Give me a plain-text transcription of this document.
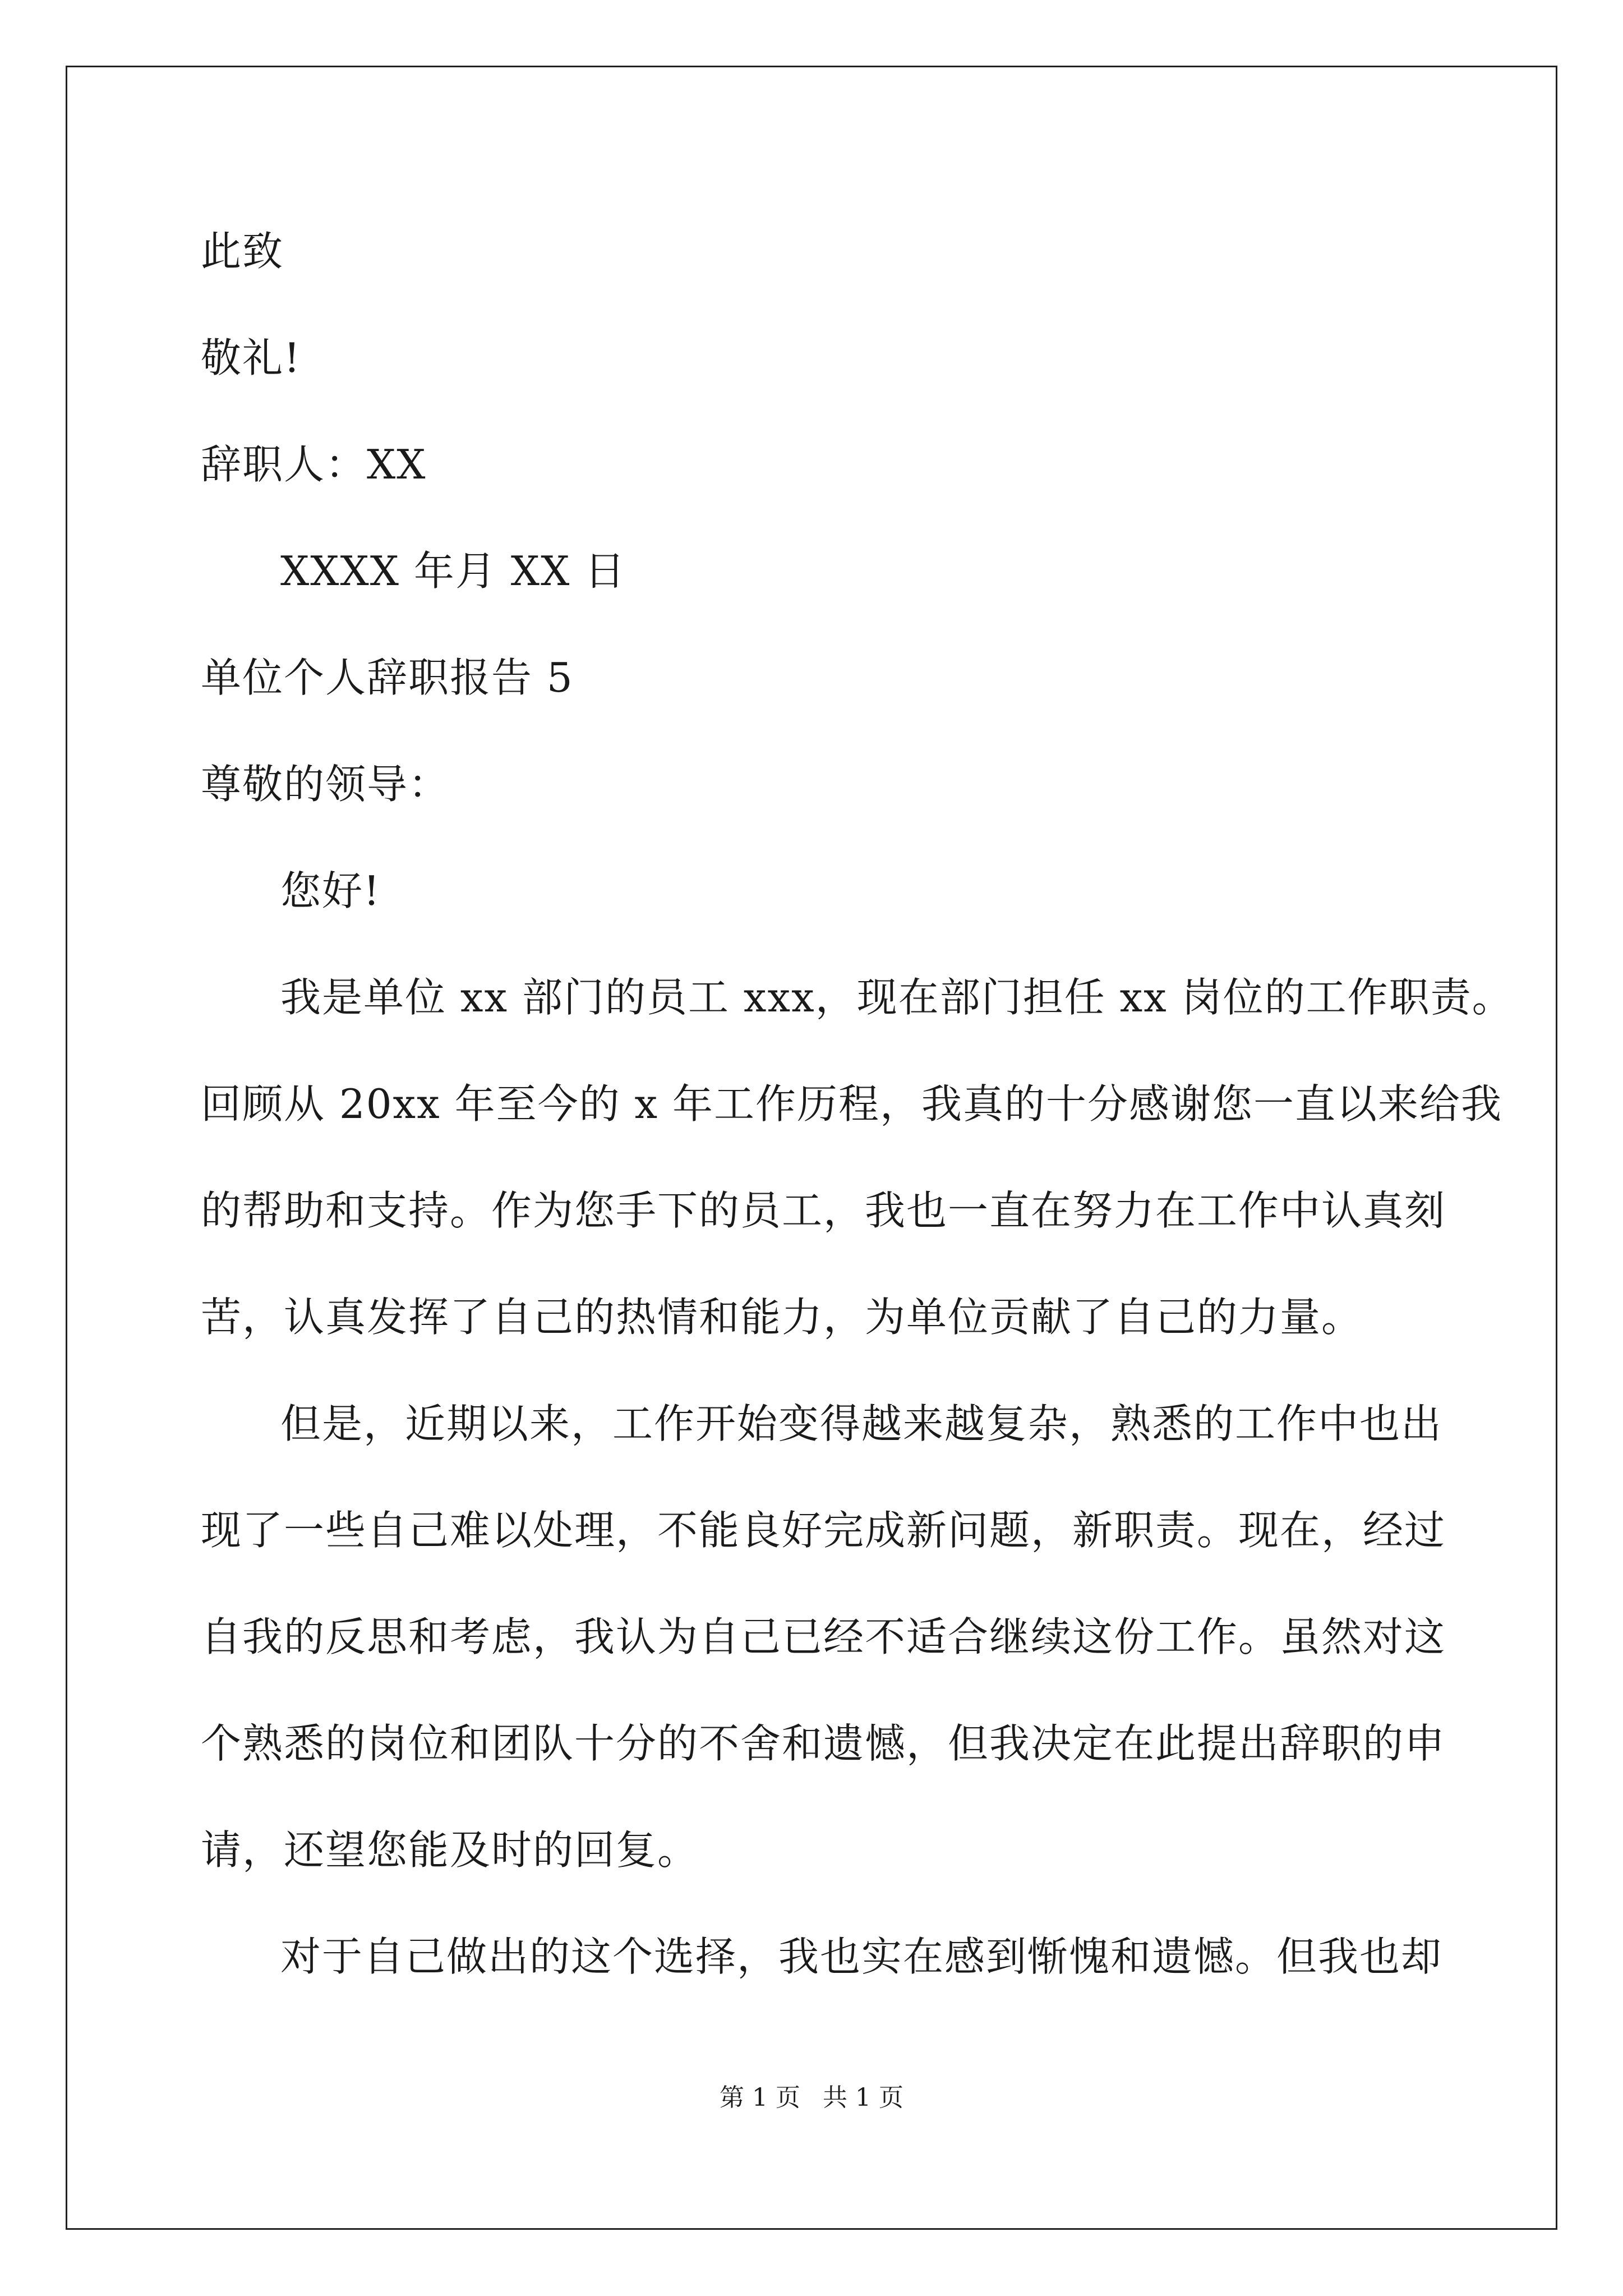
此致

敬礼!

辞职人：XX

XXXX 年月 XX 日

单位个人辞职报告 5

尊敬的领导：

您好!

我是单位 xx 部门的员工 xxx，现在部门担任 xx 岗位的工作职责。

回顾从 20xx 年至今的 x 年工作历程，我真的十分感谢您一直以来给我

的帮助和支持。作为您手下的员工，我也一直在努力在工作中认真刻

苦，认真发挥了自己的热情和能力，为单位贡献了自己的力量。

但是，近期以来，工作开始变得越来越复杂，熟悉的工作中也出

现了一些自己难以处理，不能良好完成新问题，新职责。现在，经过

自我的反思和考虑，我认为自己已经不适合继续这份工作。虽然对这

个熟悉的岗位和团队十分的不舍和遗憾，但我决定在此提出辞职的申

请，还望您能及时的回复。

对于自己做出的这个选择，我也实在感到惭愧和遗憾。但我也却

第 1 页 共 1 页
